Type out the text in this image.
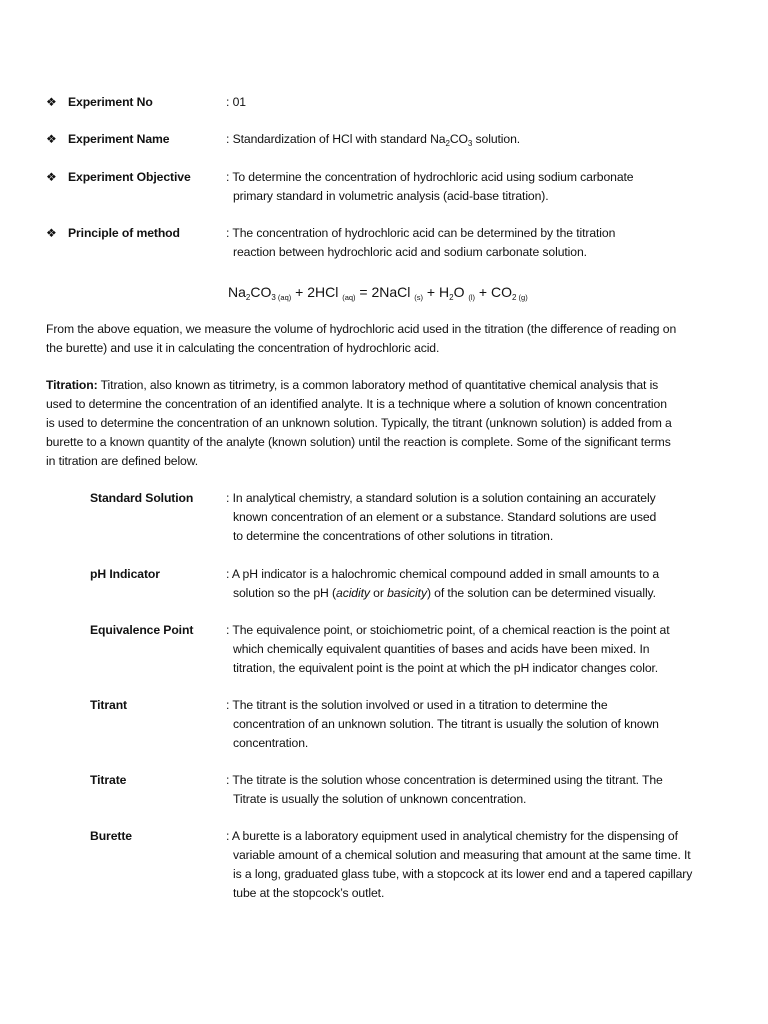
❖ Experiment No	: 01
❖ Experiment Name	: Standardization of HCl with standard $Na_2CO_3$ solution.
❖ Experiment Objective	: To determine the concentration of hydrochloric acid using sodium carbonate
primary standard in volumetric analysis (acid-base titration).
❖ Principle of method	: The concentration of hydrochloric acid can be determined by the titration
reaction between hydrochloric acid and sodium carbonate solution.
$Na_2CO_3$ $_{(aq)}$ + 2HCl $_{(aq)}$ = 2NaCl $_{(s)} + H_2O$ $_{(l)} + CO_2$ $_{(g)}$
From the above equation, we measure the volume of hydrochloric acid used in the titration (the difference of reading on
the burette) and use it in calculating the concentration of hydrochloric acid.
Titration: Titration, also known as titrimetry, is a common laboratory method of quantitative chemical analysis that is
used to determine the concentration of an identified analyte. It is a technique where a solution of known concentration
is used to determine the concentration of an unknown solution. Typically, the titrant (unknown solution) is added from a
burette to a known quantity of the analyte (known solution) until the reaction is complete. Some of the significant terms
in titration are defined below.
Standard Solution	: In analytical chemistry, a standard solution is a solution containing an accurately
known concentration of an element or a substance. Standard solutions are used
to determine the concentrations of other solutions in titration.
pH Indicator	: A pH indicator is a halochromic chemical compound added in small amounts to a
solution so the pH (acidity or basicity) of the solution can be determined visually.
Equivalence Point	: The equivalence point, or stoichiometric point, of a chemical reaction is the point at
which chemically equivalent quantities of bases and acids have been mixed. In
titration, the equivalent point is the point at which the pH indicator changes color.
Titrant	: The titrant is the solution involved or used in a titration to determine the
concentration of an unknown solution. The titrant is usually the solution of known
concentration.
Titrate	: The titrate is the solution whose concentration is determined using the titrant. The
Titrate is usually the solution of unknown concentration.
Burette	: A burette is a laboratory equipment used in analytical chemistry for the dispensing of
variable amount of a chemical solution and measuring that amount at the same time. It
is a long, graduated glass tube, with a stopcock at its lower end and a tapered capillary
tube at the stopcock’s outlet.
